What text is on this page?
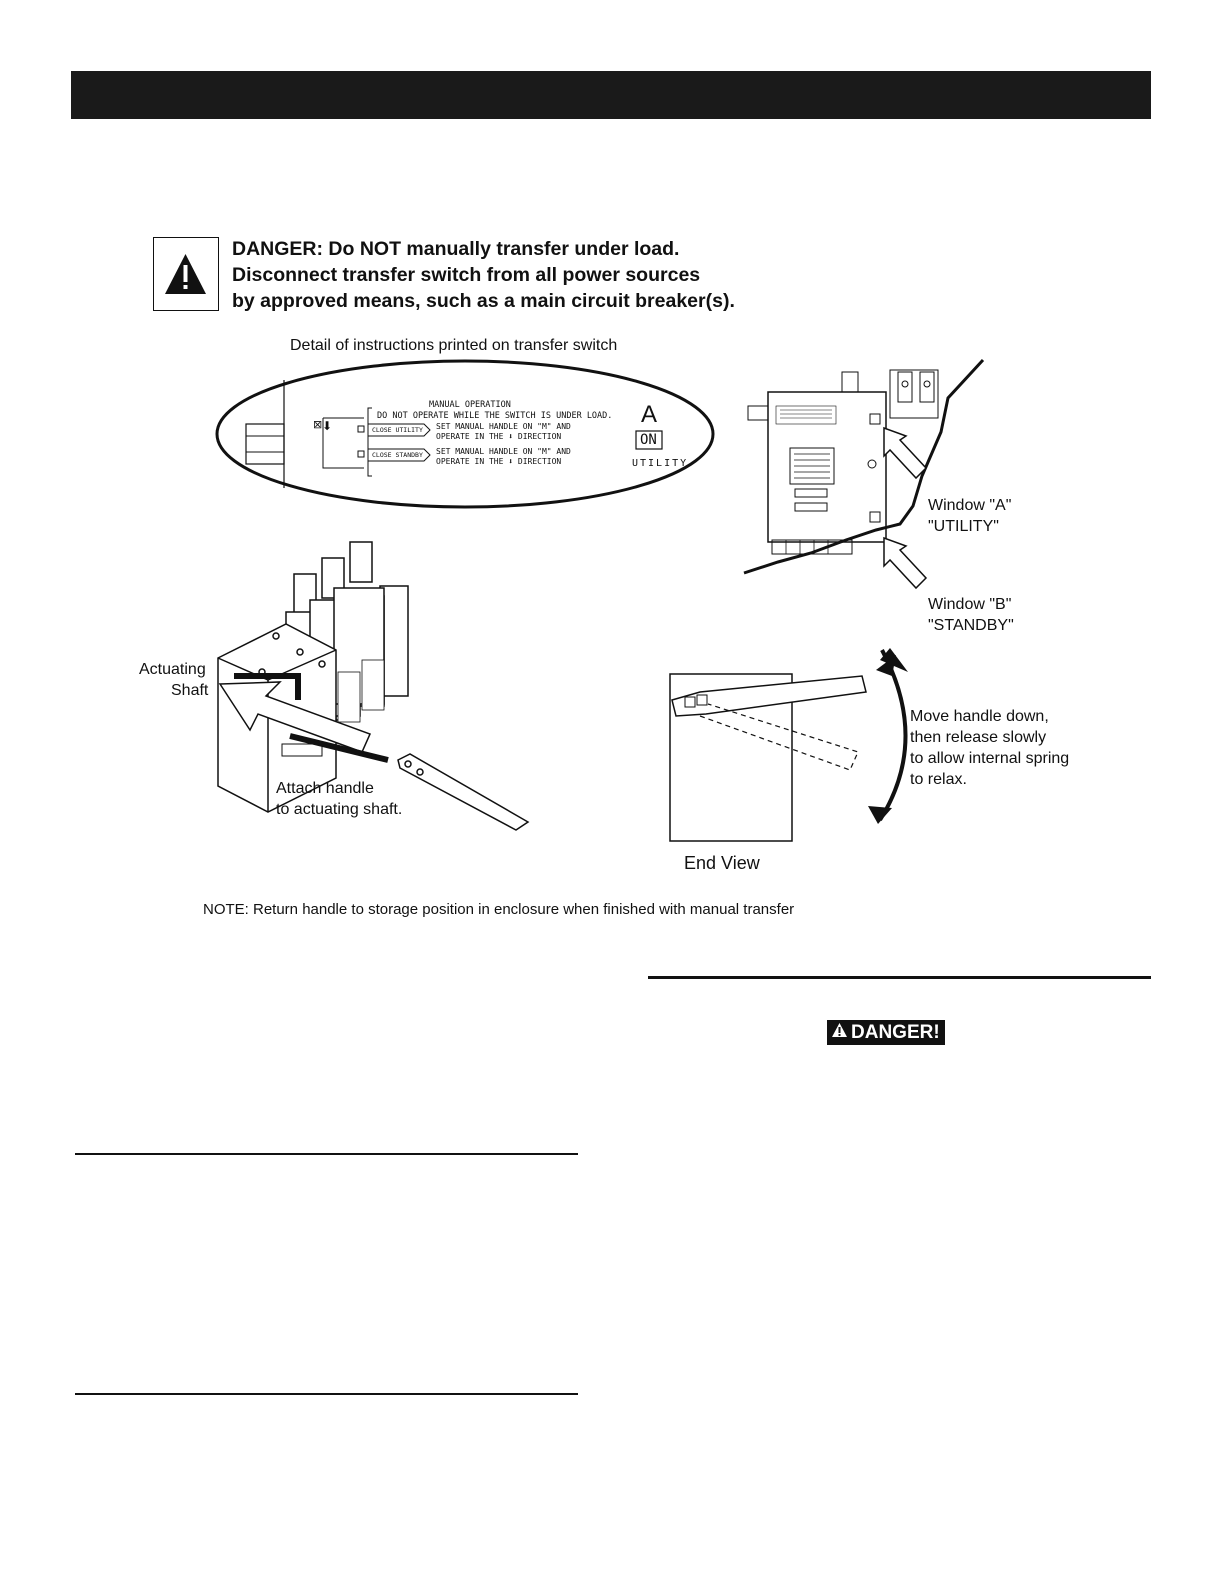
DANGER: Do NOT manually transfer under load.
Disconnect transfer switch from all power sources
by approved means, such as a main circuit breaker(s).
Detail of instructions printed on transfer switch
⊠ ⬇
MANUAL OPERATION
DO NOT OPERATE WHILE THE SWITCH IS UNDER LOAD.
CLOSE UTILITY SET MANUAL HANDLE ON "M" AND
OPERATE IN THE ⬇ DIRECTION
CLOSE STANDBY SET MANUAL HANDLE ON "M" AND
OPERATE IN THE ⬇ DIRECTION
A
ON
UTILITY
Window "A"
"UTILITY"
Window "B"
"STANDBY"
Actuating
Shaft
Attach handle
to actuating shaft.
Move handle down,
then release slowly
to allow internal spring
to relax.
End View
NOTE: Return handle to storage position in enclosure when finished with manual transfer
DANGER!
